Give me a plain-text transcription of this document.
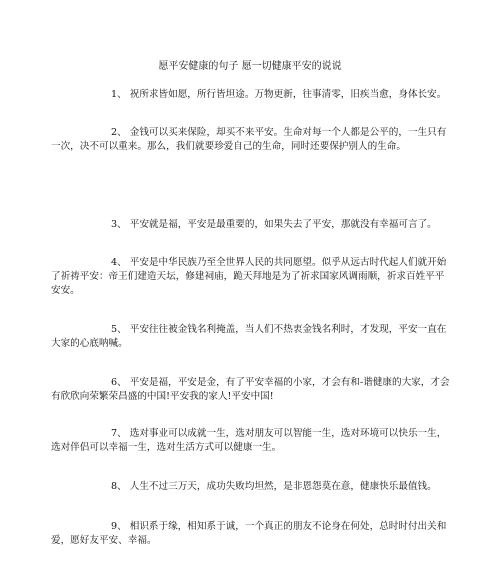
愿平安健康的句子 愿一切健康平安的说说
1、 祝所求皆如愿，所行皆坦途。万物更新，往事清零，旧疾当愈，身体长安。
2、 金钱可以买来保险，却买不来平安。生命对每一个人都是公平的，一生只有一次，决不可以重来。那么，我们就要珍爱自己的生命，同时还要保护别人的生命。
3、 平安就是福，平安是最重要的，如果失去了平安，那就没有幸福可言了。
4、 平安是中华民族乃至全世界人民的共同愿望。似乎从远古时代起人们就开始了祈祷平安：帝王们建造天坛，修建祠庙，跪天拜地是为了祈求国家风调雨顺，祈求百姓平平安安。
5、 平安往往被金钱名利掩盖，当人们不热衷金钱名利时，才发现，平安一直在大家的心底呐喊。
6、 平安是福，平安是金，有了平安幸福的小家，才会有和-谐健康的大家，才会有欣欣向荣繁荣昌盛的中国!平安我的家人!平安中国!
7、 选对事业可以成就一生，选对朋友可以智能一生，选对环境可以快乐一生，选对伴侣可以幸福一生，选对生活方式可以健康一生。
8、 人生不过三万天，成功失败均坦然，是非恩怨莫在意，健康快乐最值钱。
9、 相识系于缘，相知系于诚，一个真正的朋友不论身在何处，总时时付出关和爱，愿好友平安、幸福。
